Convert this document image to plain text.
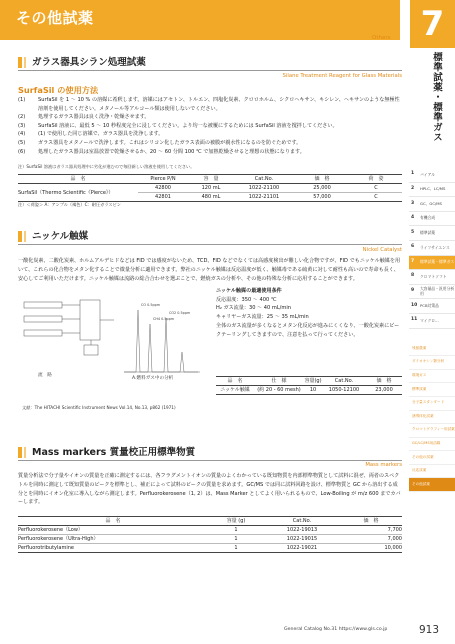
その他試薬
Others 7
標準試薬・標準ガス
ガラス器具シラン処理試薬
Silane Treatment Reagent for Glass Materials
SurfaSil の使用方法
(1)	SurfaSil を 1 ～ 10 % の溶媒に希釈します。溶媒にはアセトン、トルエン、四塩化炭素、クロロホルム、シクロヘキサン、キシレン、ヘキサンのような無極性溶剤を使用してください。メタノール等アルコール類は使用しないでください。
(2)	処理するガラス器具は良く洗浄・乾燥させます。
(3)	SurfaSil 溶液に、最低 5 ～ 10 秒程度完全に浸してください。より均一な被覆にするためには SurfaSil 溶液を撹拌してください。
(4)	(1) で使用した同じ溶媒で、ガラス器具を洗浄します。
(5)	ガラス器具をメタノールで洗浄します。これはシリコン化したガラス表面の被膜が親水性になるのを防ぐためです。
(6)	処理したガラス器具は室温放置で乾燥させるか、20 ～ 60 分間 100 ℃ で加熱乾燥させると理想の状態になります。
注）SurfaSil 溶液はガラス器具処理中に劣化が進むので毎回新しい溶液を使用してください。
品　名	Pierce P/N	容　量	Cat.No.	価　格	荷　姿
SurfaSil（Thermo Scientific《Pierce》）	42800	120 mL	1022-21100	25,000	C
	42801	480 mL	1022-21101	57,000	C
注）＜荷姿＞ A：アンプル（褐色）C：耐圧ガラスビン
ニッケル触媒
Nickel Catalyst
一酸化炭素、二酸化炭素、ホルムアルデヒドなどは FID では感度がないため、TCD、FID などでなくては高感度検出が難しい化合物ですが、FID でもニッケル触媒を用いて、これらの化合物をメタン化することで微量分析に適用できます。弊社のニッケル触媒は反応温度が低く、触媒毒である硫黄に対して耐性も高いので寿命も長く、安心してご利用いただけます。ニッケル触媒は流路の総合合わせを選ぶことで、燃焼ガスの分析や、その他の特殊な分析に応用することができます。
流　路
A.燃料ガス中の分析
CO 0.5ppm
CH4 0.5ppm
CO2 0.5ppm
ニッケル触媒の最適使用条件
反応温度：350 ～ 400 ℃
H₂ ガス流量：30 ～ 40 mL/min
キャリヤーガス流量：25 ～ 35 mL/min
全体のガス流量が多くなるとメタン化反応が進みにくくなり、一酸化炭素にピークテーリングしてきますので、注意を払って行ってください。
品　名	仕　様	容量(g)	Cat.No.	価　格
ニッケル触媒	(約 20 - 60 mesh)	10	1050-12100	23,000
文献：The HITACHI Scientific Instrument News Vol.14, No.13, p862 (1971)
Mass markers 質量校正用標準物質
Mass markers
質量分析法で分子量やイオンの質量を正確に測定するには、各フラグメントイオンの質量のよくわかっている既知物質を内部標準物質として試料に混ぜ、両者のスペクトルを同時に測定して既知質量のピークを標準とし、補正によって試料のピークの質量を求めます。GC/MS では同に試料回路を設け、標準物質と GC から溶出する成分とを同時にイオン化室に導入しながら測定します。Perfluorokerosene（1, 2）は、Mass Marker としてよく用いられるもので、Low-Boiling が m/z 600 までカバーします。
品　名	容量 (g)	Cat.No.	価　格
Perfluorokerosene（Low）	1	1022-19013	7,700
Perfluorokerosene（Ultra-High）	1	1022-19015	7,000
Perfluorotributylamine	1	1022-19021	10,000
1 バイアル
2 HPLC、LC/MS
3 GC、GC/MS
4 有機合成
5 標準試薬
6 ライフサイエンス
7 標準試薬・標準ガス
8 クロマトソフト
9 大容量品・汎用分析用
10 PCB対策品
11 マイクロ...
残留農薬
ダイオキシン類分析
環境ガス
標準試薬
分子量スタンダード
誘導体化試薬
クロマトグラフィー用試薬
GC/LC/MS用溶媒
その他の試薬
反応試薬
その他試薬
General Catalog No.31 https://www.gls.co.jp	913
